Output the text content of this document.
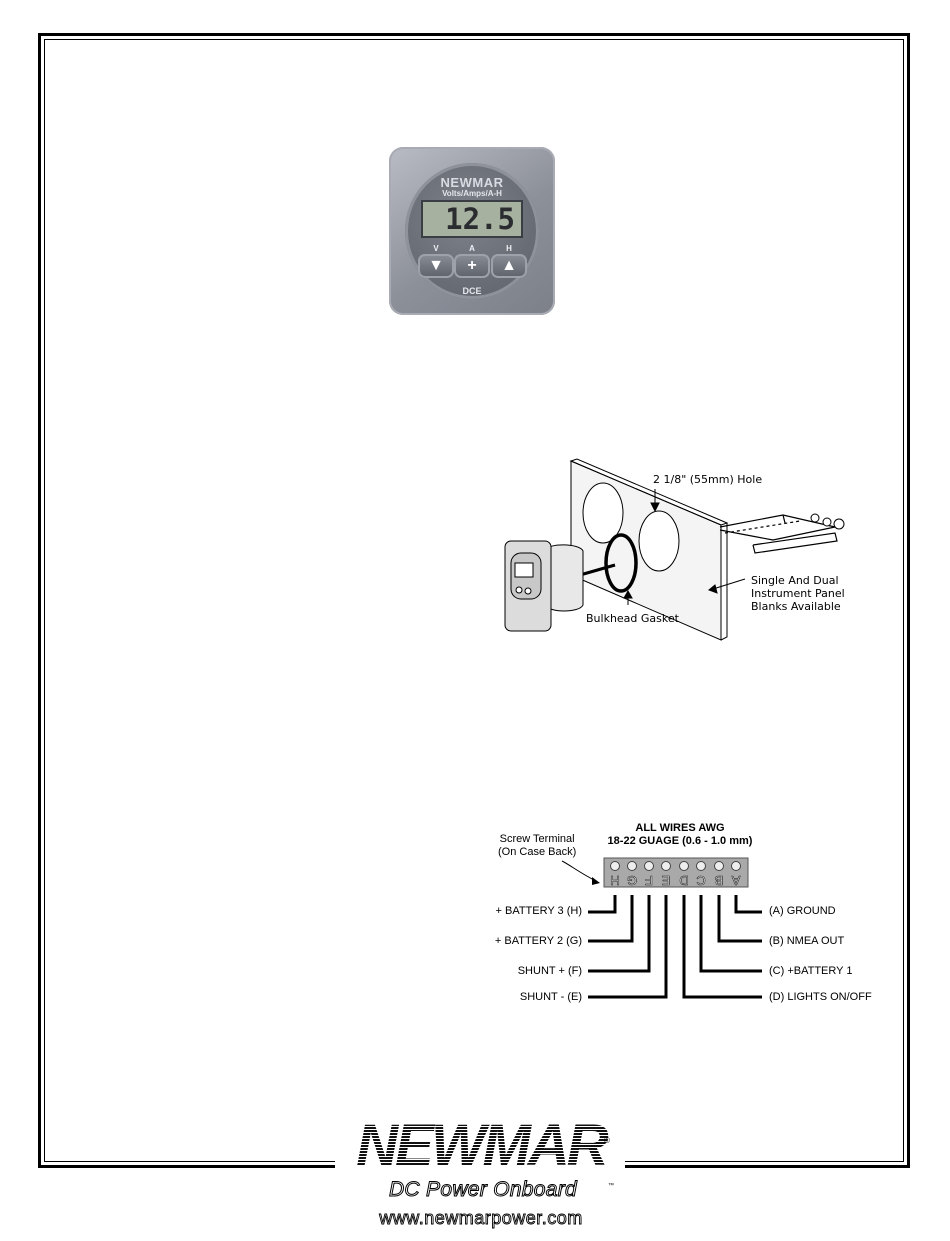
NEWMAR
Volts/Amps/A-H
12.5
V	A	H
▼	+	▲
DCE
2 1/8" (55mm) Hole
Bulkhead Gasket
Single And Dual
Instrument Panel
Blanks Available
ALL WIRES AWG
18-22 GUAGE (0.6 - 1.0 mm)
Screw Terminal
(On Case Back)
H G F E D C B A
+ BATTERY 3 (H)
+ BATTERY 2 (G)
SHUNT + (F)
SHUNT - (E)
(A) GROUND
(B) NMEA OUT
(C) +BATTERY 1
(D) LIGHTS ON/OFF
NEWMAR
®
DC Power Onboard	™
www.newmarpower.com
